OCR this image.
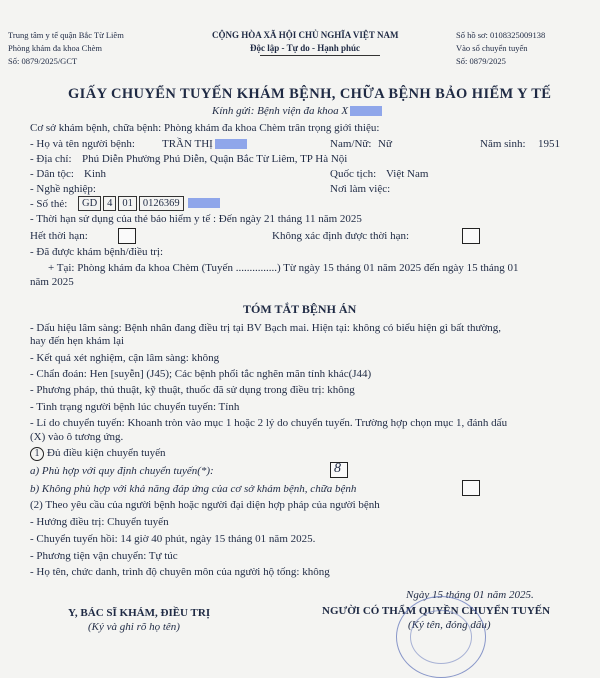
Trung tâm y tế quận Bắc Từ Liêm
Phòng khám đa khoa Chèm
Số: 0879/2025/GCT
CỘNG HÒA XÃ HỘI CHỦ NGHĨA VIỆT NAM
Độc lập - Tự do - Hạnh phúc
Số hồ sơ: 0108325009138
Vào sổ chuyển tuyến
Số: 0879/2025
GIẤY CHUYỂN TUYẾN KHÁM BỆNH, CHỮA BỆNH BẢO HIỂM Y TẾ
Kính gửi: Bệnh viện đa khoa X
Cơ sở khám bệnh, chữa bệnh: Phòng khám đa khoa Chèm trân trọng giới thiệu:
- Họ và tên người bệnh: TRẦN THỊ	Nam/Nữ: Nữ	Năm sinh: 1951
- Địa chỉ: Phú Diễn Phường Phú Diễn, Quận Bắc Từ Liêm, TP Hà Nội
- Dân tộc: Kinh	Quốc tịch: Việt Nam
- Nghề nghiệp:	Nơi làm việc:
- Số thẻ:	GD 4 01 0126369
- Thời hạn sử dụng của thẻ bảo hiểm y tế : Đến ngày 21 tháng 11 năm 2025
Hết thời hạn:	Không xác định được thời hạn:
- Đã được khám bệnh/điều trị:
+ Tại: Phòng khám đa khoa Chèm (Tuyến ...............) Từ ngày 15 tháng 01 năm 2025 đến ngày 15 tháng 01
năm 2025
TÓM TẮT BỆNH ÁN
- Dấu hiệu lâm sàng: Bệnh nhân đang điều trị tại BV Bạch mai. Hiện tại: không có biểu hiện gì bất thường,
hay đến hẹn khám lại
- Kết quả xét nghiệm, cận lâm sàng: không
- Chẩn đoán: Hen [suyễn] (J45); Các bệnh phổi tắc nghẽn mãn tính khác(J44)
- Phương pháp, thủ thuật, kỹ thuật, thuốc đã sử dụng trong điều trị: không
- Tình trạng người bệnh lúc chuyển tuyến: Tỉnh
- Lí do chuyển tuyến: Khoanh tròn vào mục 1 hoặc 2 lý do chuyển tuyến. Trường hợp chọn mục 1, đánh dấu
(X) vào ô tương ứng.
1 Đủ điều kiện chuyển tuyến
a) Phù hợp với quy định chuyển tuyến(*):	8
b) Không phù hợp với khả năng đáp ứng của cơ sở khám bệnh, chữa bệnh
(2) Theo yêu cầu của người bệnh hoặc người đại diện hợp pháp của người bệnh
- Hướng điều trị: Chuyển tuyến
- Chuyển tuyến hồi: 14 giờ 40 phút, ngày 15 tháng 01 năm 2025.
- Phương tiện vận chuyển: Tự túc
- Họ tên, chức danh, trình độ chuyên môn của người hộ tống: không
Ngày 15 tháng 01 năm 2025.
Y, BÁC SĨ KHÁM, ĐIỀU TRỊ
(Ký và ghi rõ họ tên)
NGƯỜI CÓ THẨM QUYỀN CHUYỂN TUYẾN
(Ký tên, đóng dấu)
